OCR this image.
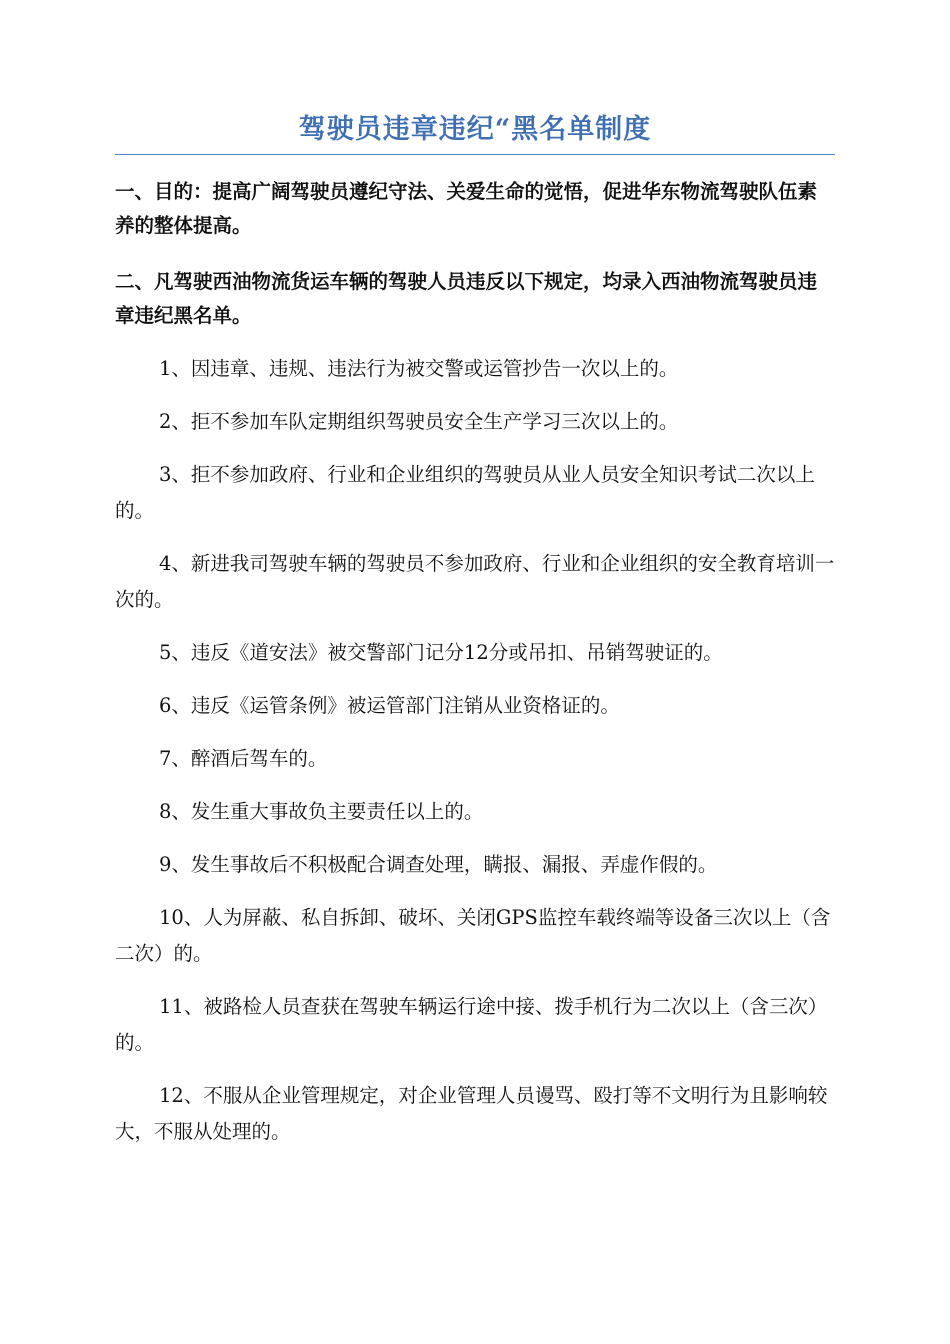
驾驶员违章违纪“黑名单制度

一、目的：提高广阔驾驶员遵纪守法、关爱生命的觉悟，促进华东物流驾驶队伍素养的整体提高。

二、凡驾驶西油物流货运车辆的驾驶人员违反以下规定，均录入西油物流驾驶员违章违纪黑名单。

1、因违章、违规、违法行为被交警或运管抄告一次以上的。
2、拒不参加车队定期组织驾驶员安全生产学习三次以上的。
3、拒不参加政府、行业和企业组织的驾驶员从业人员安全知识考试二次以上的。
4、新进我司驾驶车辆的驾驶员不参加政府、行业和企业组织的安全教育培训一次的。
5、违反《道安法》被交警部门记分12分或吊扣、吊销驾驶证的。
6、违反《运管条例》被运管部门注销从业资格证的。
7、醉酒后驾车的。
8、发生重大事故负主要责任以上的。
9、发生事故后不积极配合调查处理，瞒报、漏报、弄虚作假的。
10、人为屏蔽、私自拆卸、破坏、关闭GPS监控车载终端等设备三次以上（含二次）的。
11、被路检人员查获在驾驶车辆运行途中接、拨手机行为二次以上（含三次）的。
12、不服从企业管理规定，对企业管理人员谩骂、殴打等不文明行为且影响较大，不服从处理的。
